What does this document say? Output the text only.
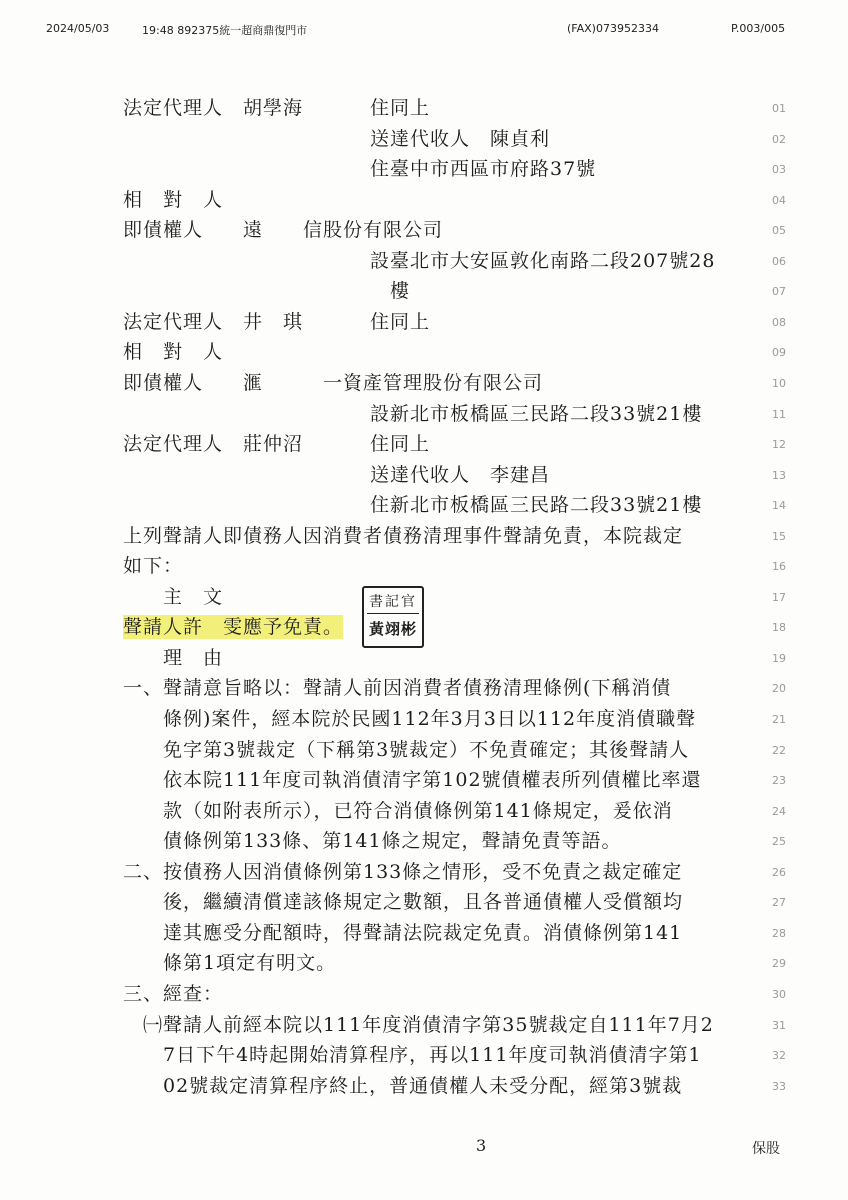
2024/05/03	19:48 892375統一超商鼎復門市	(FAX)073952334	P.003/005
法定代理人　胡學海	住同上	01
送達代收人　陳貞利	02
住臺中市西區市府路37號	03
相　對　人	04
即債權人　　遠　　信股份有限公司	05
設臺北市大安區敦化南路二段207號28	06
　樓	07
法定代理人　井　琪	住同上	08
相　對　人	09
即債權人　　滙　　　一資產管理股份有限公司	10
設新北市板橋區三民路二段33號21樓	11
法定代理人　莊仲沼	住同上	12
送達代收人　李建昌	13
住新北市板橋區三民路二段33號21樓	14
上列聲請人即債務人因消費者債務清理事件聲請免責，本院裁定	15
如下：	16
　　主　文	17
聲請人許　雯應予免責。	18
　　理　由	19
一、聲請意旨略以：聲請人前因消費者債務清理條例(下稱消債	20
　　條例)案件，經本院於民國112年3月3日以112年度消債職聲	21
　　免字第3號裁定（下稱第3號裁定）不免責確定；其後聲請人	22
　　依本院111年度司執消債清字第102號債權表所列債權比率還	23
　　款（如附表所示），已符合消債條例第141條規定，爰依消	24
　　債條例第133條、第141條之規定，聲請免責等語。	25
二、按債務人因消債條例第133條之情形，受不免責之裁定確定	26
　　後，繼續清償達該條規定之數額，且各普通債權人受償額均	27
　　達其應受分配額時，得聲請法院裁定免責。消債條例第141	28
　　條第1項定有明文。	29
三、經查：	30
　㈠聲請人前經本院以111年度消債清字第35號裁定自111年7月2	31
　　7日下午4時起開始清算程序，再以111年度司執消債清字第1	32
　　02號裁定清算程序終止，普通債權人未受分配，經第3號裁	33
書記官
黃翊彬
3	保股
